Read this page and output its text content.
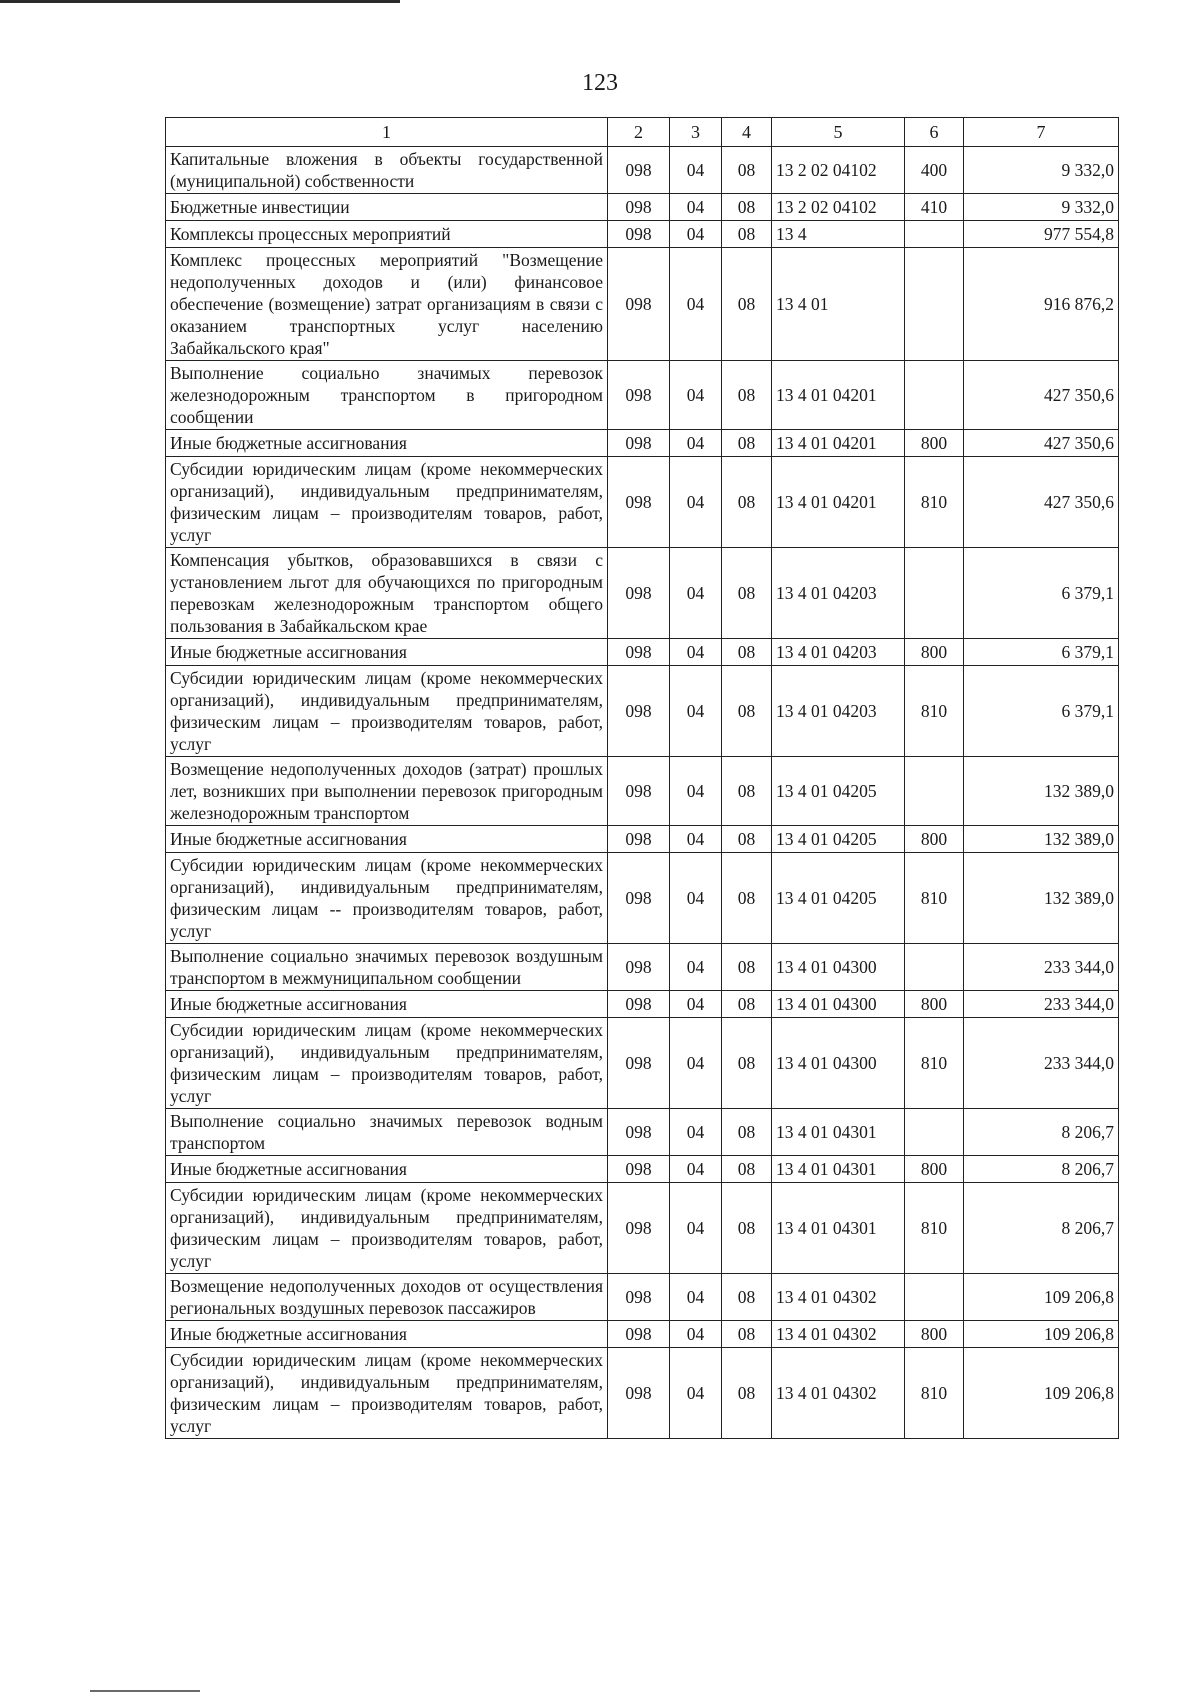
123
1	2	3	4	5	6	7
Капитальные вложения в объекты государственной (муниципальной) собственности	098	04	08	13 2 02 04102	400	9 332,0
Бюджетные инвестиции	098	04	08	13 2 02 04102	410	9 332,0
Комплексы процессных мероприятий	098	04	08	13 4		977 554,8
Комплекс процессных мероприятий "Возмещение недополученных доходов и (или) финансовое обеспечение (возмещение) затрат организациям в связи с оказанием транспортных услуг населению Забайкальского края"	098	04	08	13 4 01		916 876,2
Выполнение социально значимых перевозок железнодорожным транспортом в пригородном сообщении	098	04	08	13 4 01 04201		427 350,6
Иные бюджетные ассигнования	098	04	08	13 4 01 04201	800	427 350,6
Субсидии юридическим лицам (кроме некоммерческих организаций), индивидуальным предпринимателям, физическим лицам – производителям товаров, работ, услуг	098	04	08	13 4 01 04201	810	427 350,6
Компенсация убытков, образовавшихся в связи с установлением льгот для обучающихся по пригородным перевозкам железнодорожным транспортом общего пользования в Забайкальском крае	098	04	08	13 4 01 04203		6 379,1
Иные бюджетные ассигнования	098	04	08	13 4 01 04203	800	6 379,1
Субсидии юридическим лицам (кроме некоммерческих организаций), индивидуальным предпринимателям, физическим лицам – производителям товаров, работ, услуг	098	04	08	13 4 01 04203	810	6 379,1
Возмещение недополученных доходов (затрат) прошлых лет, возникших при выполнении перевозок пригородным железнодорожным транспортом	098	04	08	13 4 01 04205		132 389,0
Иные бюджетные ассигнования	098	04	08	13 4 01 04205	800	132 389,0
Субсидии юридическим лицам (кроме некоммерческих организаций), индивидуальным предпринимателям, физическим лицам -- производителям товаров, работ, услуг	098	04	08	13 4 01 04205	810	132 389,0
Выполнение социально значимых перевозок воздушным транспортом в межмуниципальном сообщении	098	04	08	13 4 01 04300		233 344,0
Иные бюджетные ассигнования	098	04	08	13 4 01 04300	800	233 344,0
Субсидии юридическим лицам (кроме некоммерческих организаций), индивидуальным предпринимателям, физическим лицам – производителям товаров, работ, услуг	098	04	08	13 4 01 04300	810	233 344,0
Выполнение социально значимых перевозок водным транспортом	098	04	08	13 4 01 04301		8 206,7
Иные бюджетные ассигнования	098	04	08	13 4 01 04301	800	8 206,7
Субсидии юридическим лицам (кроме некоммерческих организаций), индивидуальным предпринимателям, физическим лицам – производителям товаров, работ, услуг	098	04	08	13 4 01 04301	810	8 206,7
Возмещение недополученных доходов от осуществления региональных воздушных перевозок пассажиров	098	04	08	13 4 01 04302		109 206,8
Иные бюджетные ассигнования	098	04	08	13 4 01 04302	800	109 206,8
Субсидии юридическим лицам (кроме некоммерческих организаций), индивидуальным предпринимателям, физическим лицам – производителям товаров, работ, услуг	098	04	08	13 4 01 04302	810	109 206,8
